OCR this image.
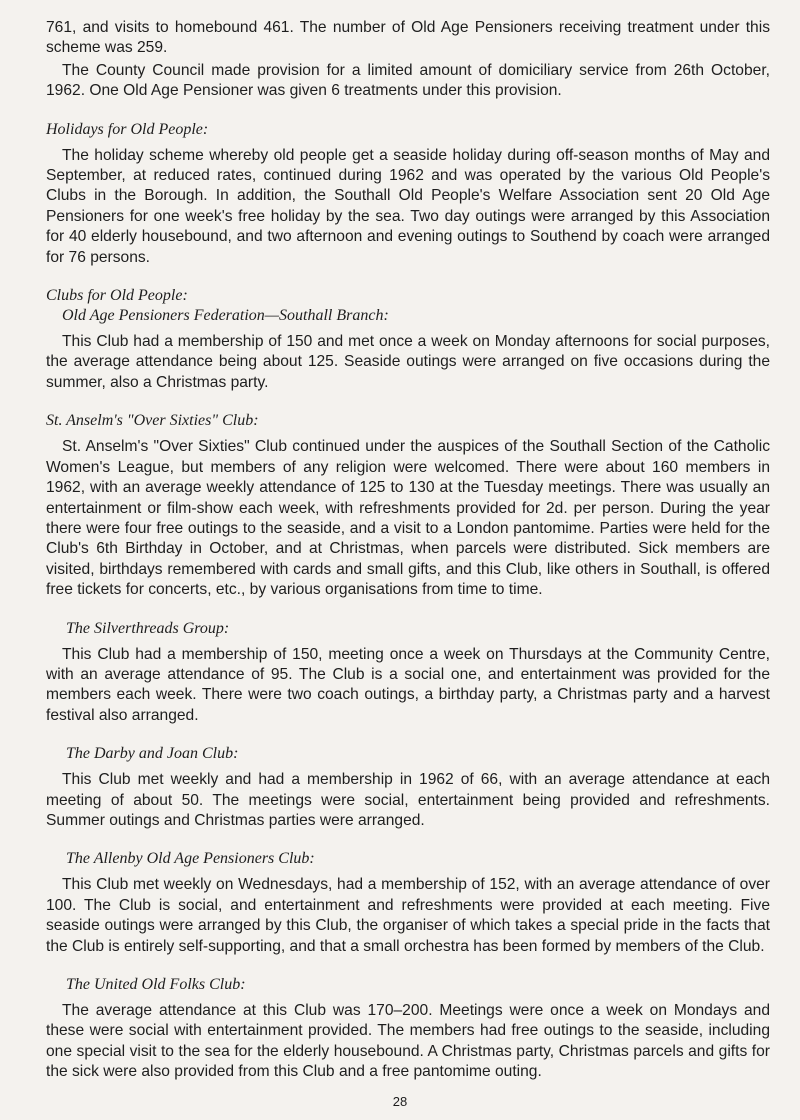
761, and visits to homebound 461. The number of Old Age Pensioners receiving treatment under this scheme was 259.

The County Council made provision for a limited amount of domiciliary service from 26th October, 1962. One Old Age Pensioner was given 6 treatments under this provision.

Holidays for Old People:

The holiday scheme whereby old people get a seaside holiday during off-season months of May and September, at reduced rates, continued during 1962 and was operated by the various Old People's Clubs in the Borough. In addition, the Southall Old People's Welfare Association sent 20 Old Age Pensioners for one week's free holiday by the sea. Two day outings were arranged by this Association for 40 elderly housebound, and two afternoon and evening outings to Southend by coach were arranged for 76 persons.

Clubs for Old People:
Old Age Pensioners Federation—Southall Branch:

This Club had a membership of 150 and met once a week on Monday afternoons for social purposes, the average attendance being about 125. Seaside outings were arranged on five occasions during the summer, also a Christmas party.

St. Anselm's "Over Sixties" Club:

St. Anselm's "Over Sixties" Club continued under the auspices of the Southall Section of the Catholic Women's League, but members of any religion were welcomed. There were about 160 members in 1962, with an average weekly attendance of 125 to 130 at the Tuesday meetings. There was usually an entertainment or film-show each week, with refreshments provided for 2d. per person. During the year there were four free outings to the seaside, and a visit to a London pantomime. Parties were held for the Club's 6th Birthday in October, and at Christmas, when parcels were distributed. Sick members are visited, birthdays remembered with cards and small gifts, and this Club, like others in Southall, is offered free tickets for concerts, etc., by various organisations from time to time.

The Silverthreads Group:

This Club had a membership of 150, meeting once a week on Thursdays at the Community Centre, with an average attendance of 95. The Club is a social one, and entertainment was provided for the members each week. There were two coach outings, a birthday party, a Christmas party and a harvest festival also arranged.

The Darby and Joan Club:

This Club met weekly and had a membership in 1962 of 66, with an average attendance at each meeting of about 50. The meetings were social, entertainment being provided and refreshments. Summer outings and Christmas parties were arranged.

The Allenby Old Age Pensioners Club:

This Club met weekly on Wednesdays, had a membership of 152, with an average attendance of over 100. The Club is social, and entertainment and refreshments were provided at each meeting. Five seaside outings were arranged by this Club, the organiser of which takes a special pride in the facts that the Club is entirely self-supporting, and that a small orchestra has been formed by members of the Club.

The United Old Folks Club:

The average attendance at this Club was 170–200. Meetings were once a week on Mondays and these were social with entertainment provided. The members had free outings to the seaside, including one special visit to the sea for the elderly housebound. A Christmas party, Christmas parcels and gifts for the sick were also provided from this Club and a free pantomime outing.

28
